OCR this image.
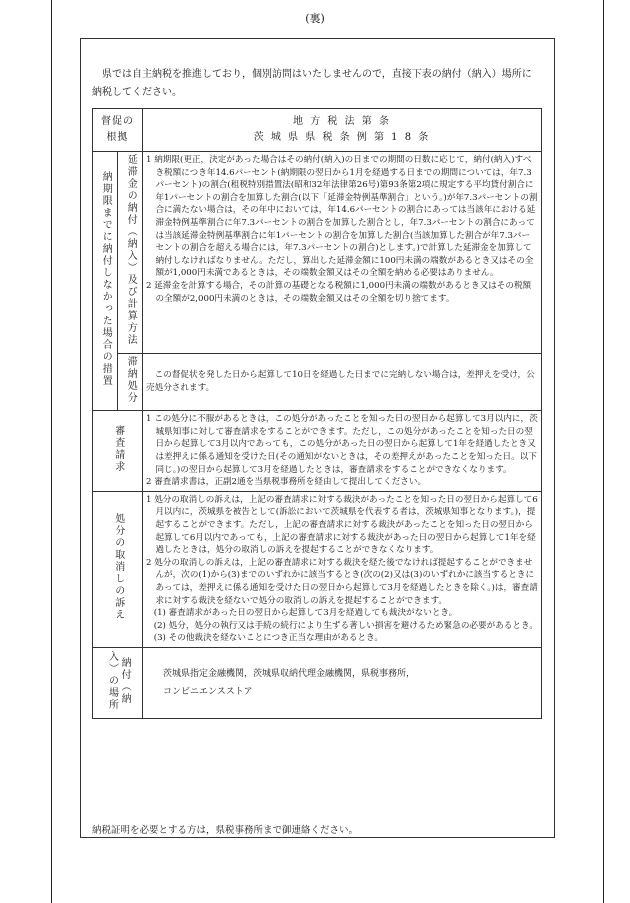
(裏)
県では自主納税を推進しており，個別訪問はいたしませんので，直接下表の納付（納入）場所に納税してください。
督促の根拠		地 方 税 法 第 条
茨 城 県 県 税 条 例 第 1 8 条

納期限までに納付しなかった場合の措置	延滞金の納付（納入）及び計算方法	1 納期限(更正，決定があった場合はその納付(納入)の日までの期間の日数に応じて，納付(納入)すべき税額につき年14.6パーセント(納期限の翌日から1月を経過する日までの期間については，年7.3パーセント)の割合(租税特別措置法(昭和32年法律第26号)第93条第2項に規定する平均貸付割合に年1パーセントの割合を加算した割合(以下「延滞金特例基準割合」という。)が年7.3パーセントの割合に満たない場合は，その年中においては，年14.6パーセントの割合にあっては当該年における延滞金特例基準割合に年7.3パーセントの割合を加算した割合とし，年7.3パーセントの割合にあっては当該延滞金特例基準割合に年1パーセントの割合を加算した割合(当該加算した割合が年7.3パーセントの割合を超える場合には，年7.3パーセントの割合)とします。)で計算した延滞金を加算して納付しなければなりません。ただし，算出した延滞金額に100円未満の端数があるとき又はその全額が1,000円未満であるときは，その端数金額又はその全額を納める必要はありません。
2 延滞金を計算する場合，その計算の基礎となる税額に1,000円未満の端数があるとき又はその税額の全額が2,000円未満のときは，その端数金額又はその全額を切り捨てます。

	滞納処分	この督促状を発した日から起算して10日を経過した日までに完納しない場合は，差押えを受け，公売処分されます。

審査請求		1 この処分に不服があるときは，この処分があったことを知った日の翌日から起算して3月以内に，茨城県知事に対して審査請求をすることができます。ただし，この処分があったことを知った日の翌日から起算して3月以内であっても，この処分があった日の翌日から起算して1年を経過したとき又は差押えに係る通知を受けた日(その通知がないときは，その差押えがあったことを知った日。以下同じ。)の翌日から起算して3月を経過したときは，審査請求をすることができなくなります。
2 審査請求書は，正副2通を当県税事務所を経由して提出してください。

処分の取消しの訴え		1 処分の取消しの訴えは，上記の審査請求に対する裁決があったことを知った日の翌日から起算して6月以内に，茨城県を被告として(訴訟において茨城県を代表する者は，茨城県知事となります。)，提起することができます。ただし，上記の審査請求に対する裁決があったことを知った日の翌日から起算して6月以内であっても，上記の審査請求に対する裁決があった日の翌日から起算して1年を経過したときは，処分の取消しの訴えを提起することができなくなります。
2 処分の取消しの訴えは，上記の審査請求に対する裁決を経た後でなければ提起することができませんが，次の(1)から(3)までのいずれかに該当するとき(次の(2)又は(3)のいずれかに該当するときにあっては，差押えに係る通知を受けた日の翌日から起算して3月を経過したときを除く。)は，審査請求に対する裁決を経ないで処分の取消しの訴えを提起することができます。
(1) 審査請求があった日の翌日から起算して3月を経過しても裁決がないとき。
(2) 処分，処分の執行又は手続の続行により生ずる著しい損害を避けるため緊急の必要があるとき。
(3) その他裁決を経ないことにつき正当な理由があるとき。

納付（納入）の場所		茨城県指定金融機関，茨城県収納代理金融機関，県税事務所，
コンビニエンスストア
納税証明を必要とする方は，県税事務所まで御連絡ください。
